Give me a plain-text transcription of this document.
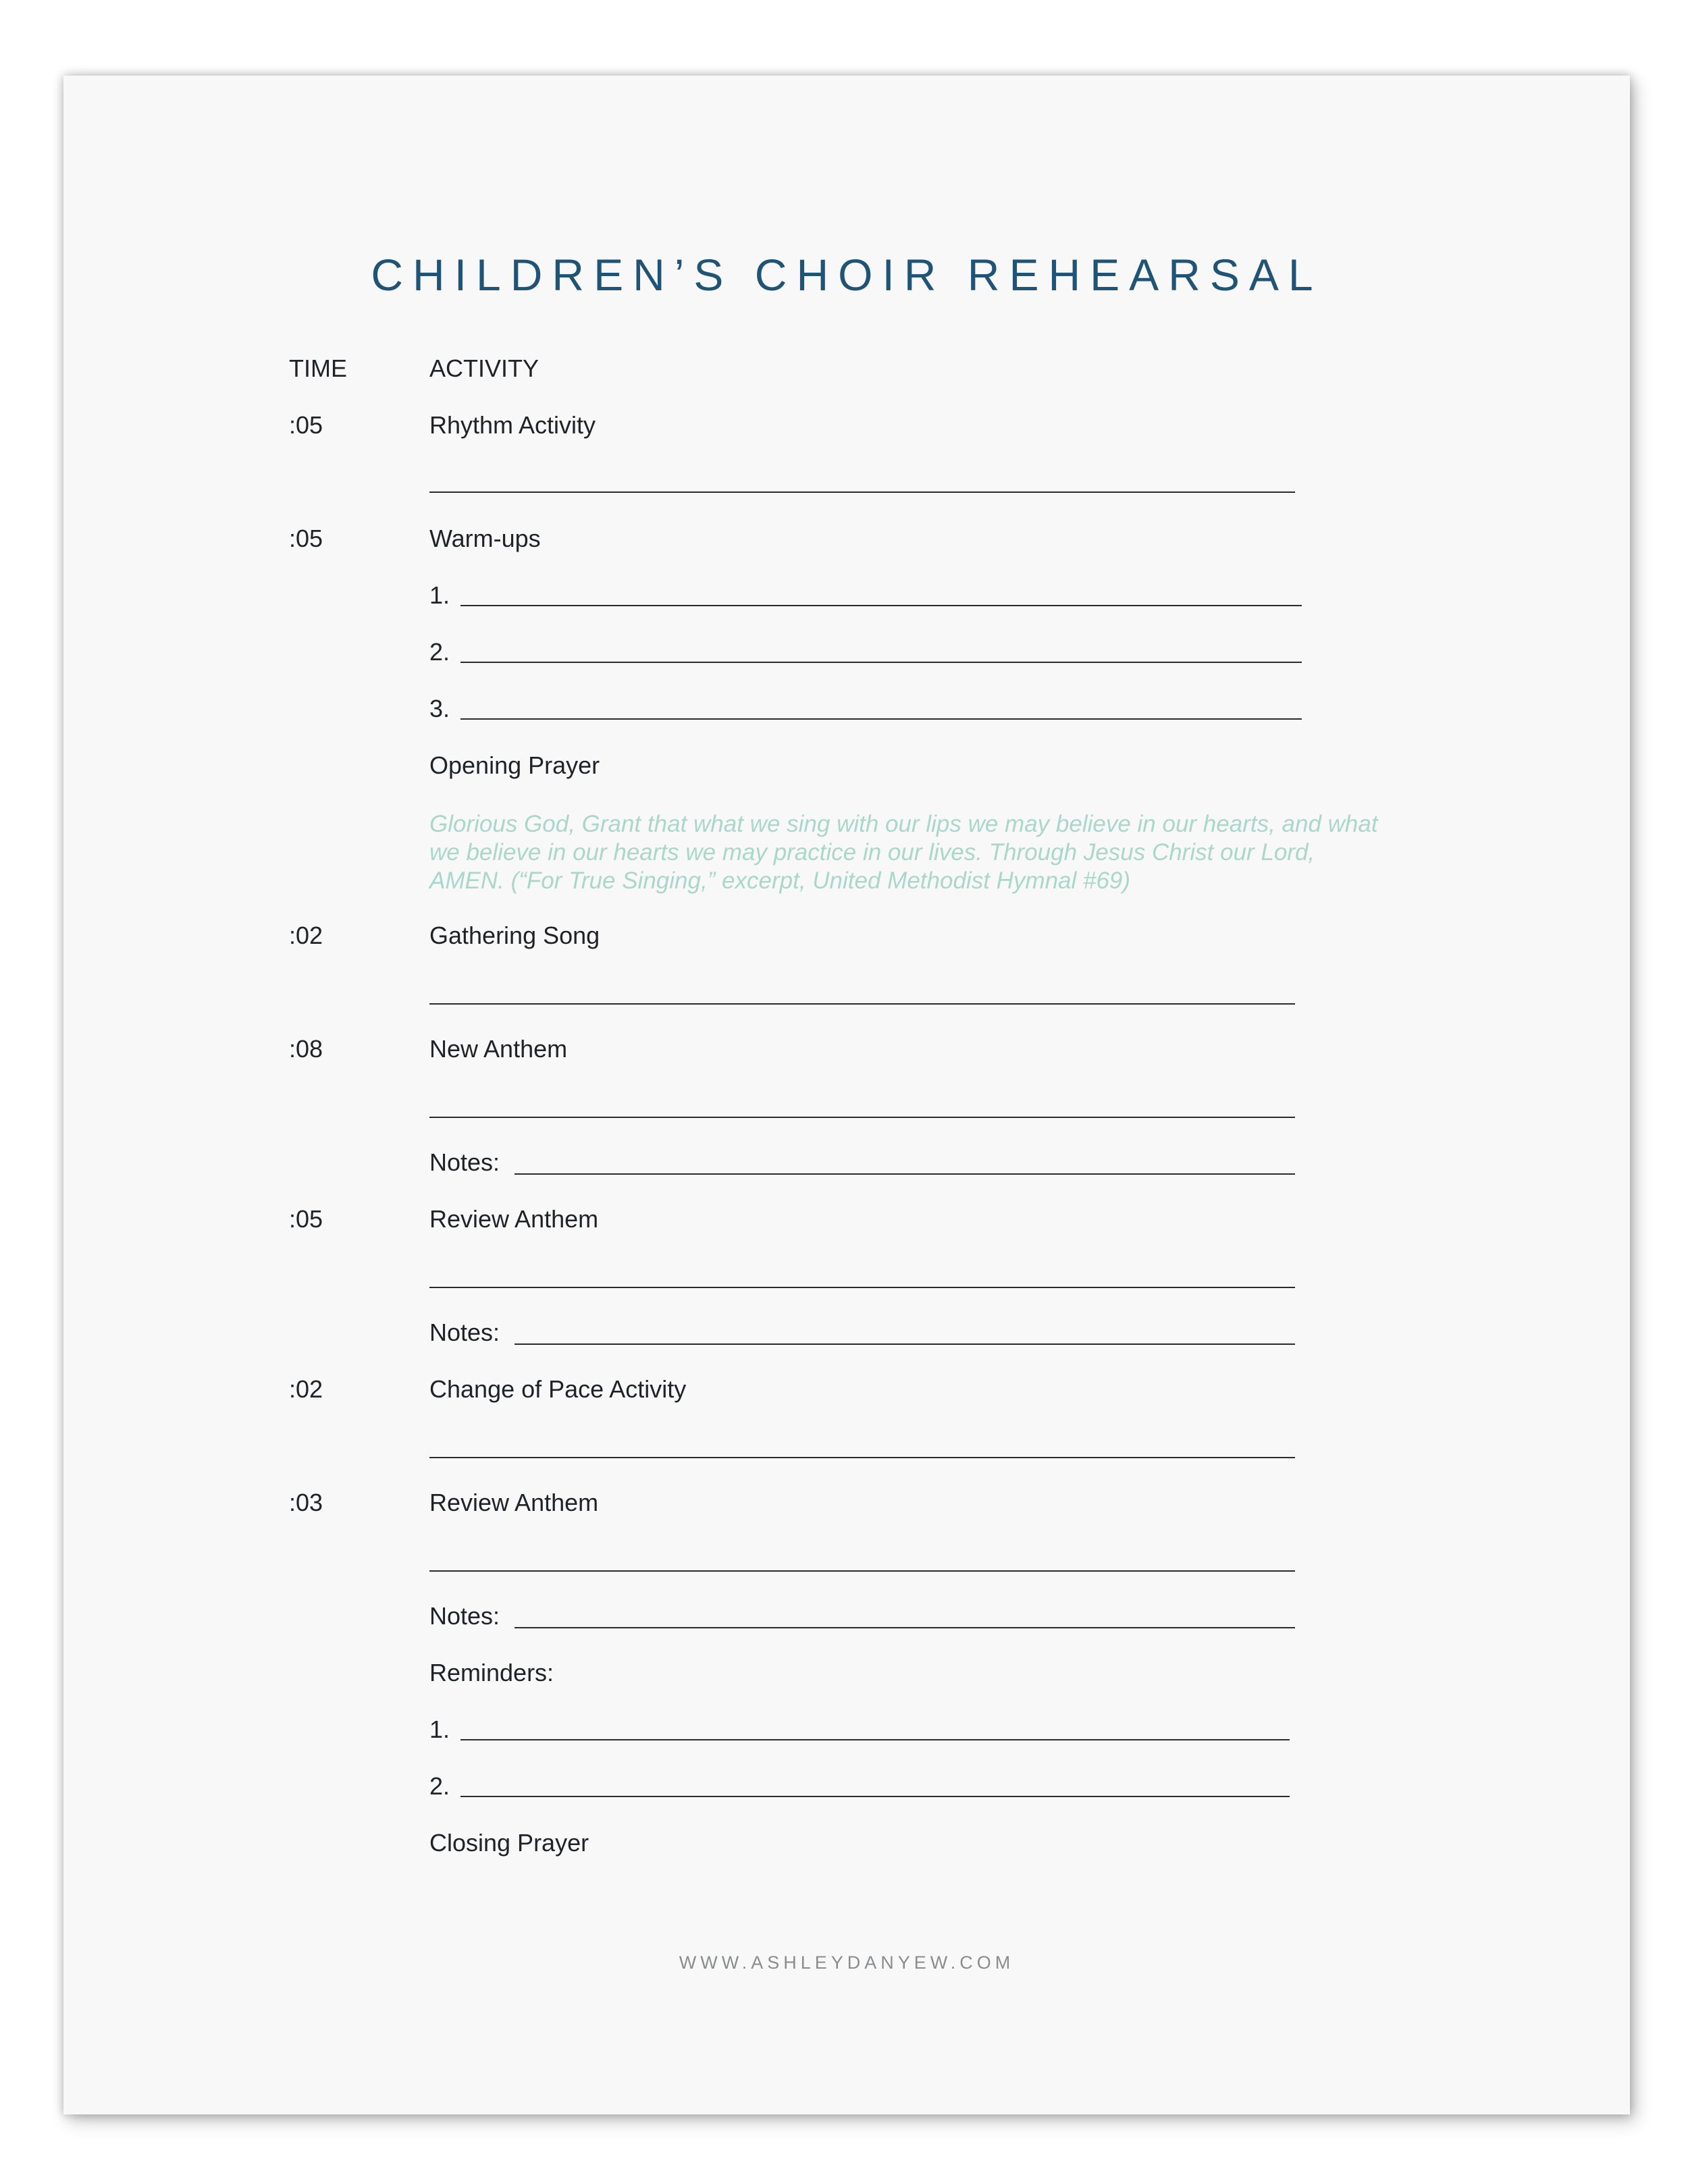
CHILDREN’S CHOIR REHEARSAL
TIME	ACTIVITY
:05	Rhythm Activity
:05	Warm-ups
1.
2.
3.
Opening Prayer
Glorious God, Grant that what we sing with our lips we may believe in our hearts, and what we believe in our hearts we may practice in our lives. Through Jesus Christ our Lord, AMEN. (“For True Singing,” excerpt, United Methodist Hymnal #69)
:02	Gathering Song
:08	New Anthem
Notes:
:05	Review Anthem
Notes:
:02	Change of Pace Activity
:03	Review Anthem
Notes:
Reminders:
1.
2.
Closing Prayer
WWW.ASHLEYDANYEW.COM
